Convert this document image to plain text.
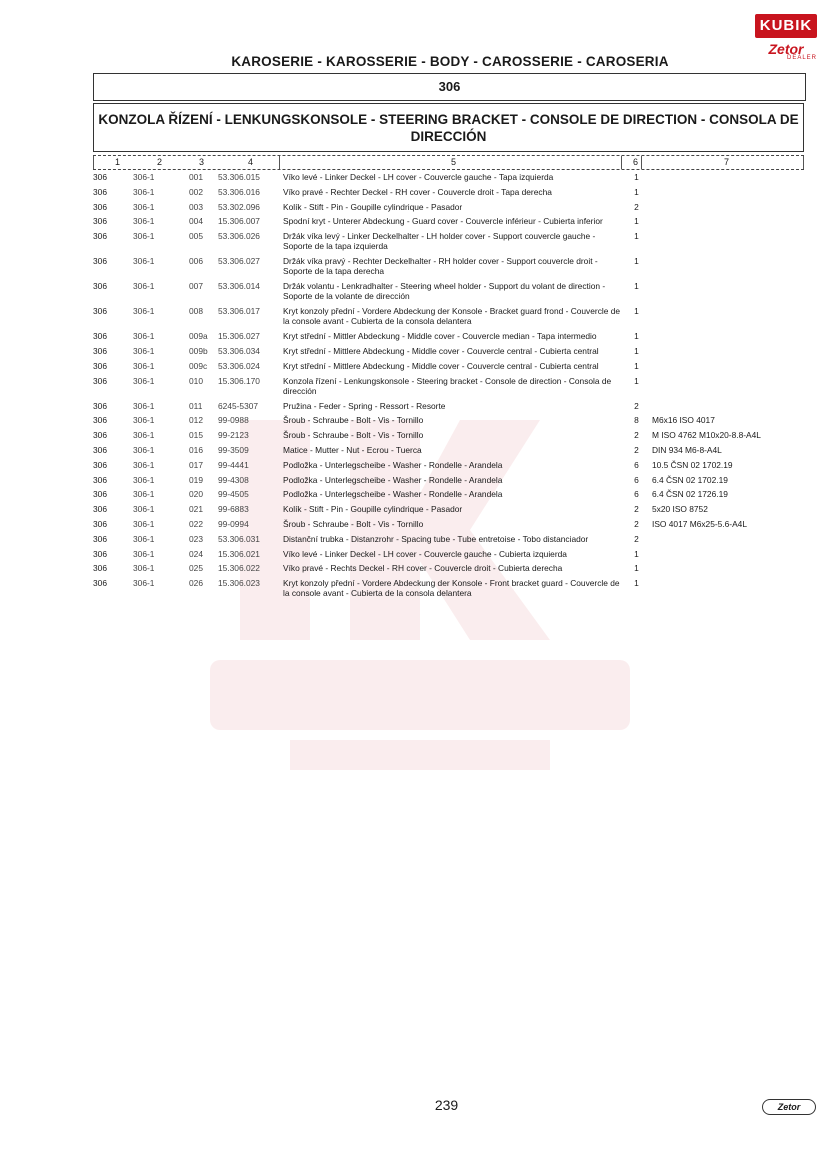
KUBIK
Zetor
DEALER
KAROSERIE - KAROSSERIE - BODY - CAROSSERIE - CAROSERIA
306
KONZOLA ŘÍZENÍ - LENKUNGSKONSOLE - STEERING BRACKET - CONSOLE DE DIRECTION - CONSOLA DE DIRECCIÓN
1	2	3	4	5	6	7
306	306-1	001	53.306.015	Víko levé - Linker Deckel - LH cover - Couvercle gauche - Tapa izquierda	1	
306	306-1	002	53.306.016	Víko pravé - Rechter Deckel - RH cover - Couvercle droit - Tapa derecha	1	
306	306-1	003	53.302.096	Kolík - Stift - Pin - Goupille cylindrique - Pasador	2	
306	306-1	004	15.306.007	Spodní kryt - Unterer Abdeckung - Guard cover - Couvercle inférieur - Cubierta inferior	1	
306	306-1	005	53.306.026	Držák víka levý - Linker Deckelhalter - LH holder cover - Support couvercle gauche - Soporte de la tapa izquierda	1	
306	306-1	006	53.306.027	Držák víka pravý - Rechter Deckelhalter - RH holder cover - Support couvercle droit - Soporte de la tapa derecha	1	
306	306-1	007	53.306.014	Držák volantu - Lenkradhalter - Steering wheel holder - Support du volant de direction - Soporte de la volante de dirección	1	
306	306-1	008	53.306.017	Kryt konzoly přední - Vordere Abdeckung der Konsole - Bracket guard frond - Couvercle de la console avant - Cubierta de la consola delantera	1	
306	306-1	009a	15.306.027	Kryt střední - Mittler Abdeckung - Middle cover - Couvercle median - Tapa intermedio	1	
306	306-1	009b	53.306.034	Kryt střední - Mittlere Abdeckung - Middle cover - Couvercle central - Cubierta central	1	
306	306-1	009c	53.306.024	Kryt střední - Mittlere Abdeckung - Middle cover - Couvercle central - Cubierta central	1	
306	306-1	010	15.306.170	Konzola řízení - Lenkungskonsole - Steering bracket - Console de direction - Consola de dirección	1	
306	306-1	011	6245-5307	Pružina - Feder - Spring - Ressort - Resorte	2	
306	306-1	012	99-0988	Šroub - Schraube - Bolt - Vis - Tornillo	8	M6x16 ISO 4017
306	306-1	015	99-2123	Šroub - Schraube - Bolt - Vis - Tornillo	2	M ISO 4762 M10x20-8.8-A4L
306	306-1	016	99-3509	Matice - Mutter - Nut - Ecrou - Tuerca	2	DIN 934 M6-8-A4L
306	306-1	017	99-4441	Podložka - Unterlegscheibe - Washer - Rondelle - Arandela	6	10.5 ČSN 02 1702.19
306	306-1	019	99-4308	Podložka - Unterlegscheibe - Washer - Rondelle - Arandela	6	6.4 ČSN 02 1702.19
306	306-1	020	99-4505	Podložka - Unterlegscheibe - Washer - Rondelle - Arandela	6	6.4 ČSN 02 1726.19
306	306-1	021	99-6883	Kolík - Stift - Pin - Goupille cylindrique - Pasador	2	5x20 ISO 8752
306	306-1	022	99-0994	Šroub - Schraube - Bolt - Vis - Tornillo	2	ISO 4017 M6x25-5.6-A4L
306	306-1	023	53.306.031	Distanční trubka - Distanzrohr - Spacing tube - Tube entretoise - Tobo distanciador	2	
306	306-1	024	15.306.021	Víko levé - Linker Deckel - LH cover - Couvercle gauche - Cubierta izquierda	1	
306	306-1	025	15.306.022	Víko pravé - Rechts Deckel - RH cover - Couvercle droit - Cubierta derecha	1	
306	306-1	026	15.306.023	Kryt konzoly přední - Vordere Abdeckung der Konsole - Front bracket guard - Couvercle de la console avant - Cubierta de la consola delantera	1	
239	Zetor
